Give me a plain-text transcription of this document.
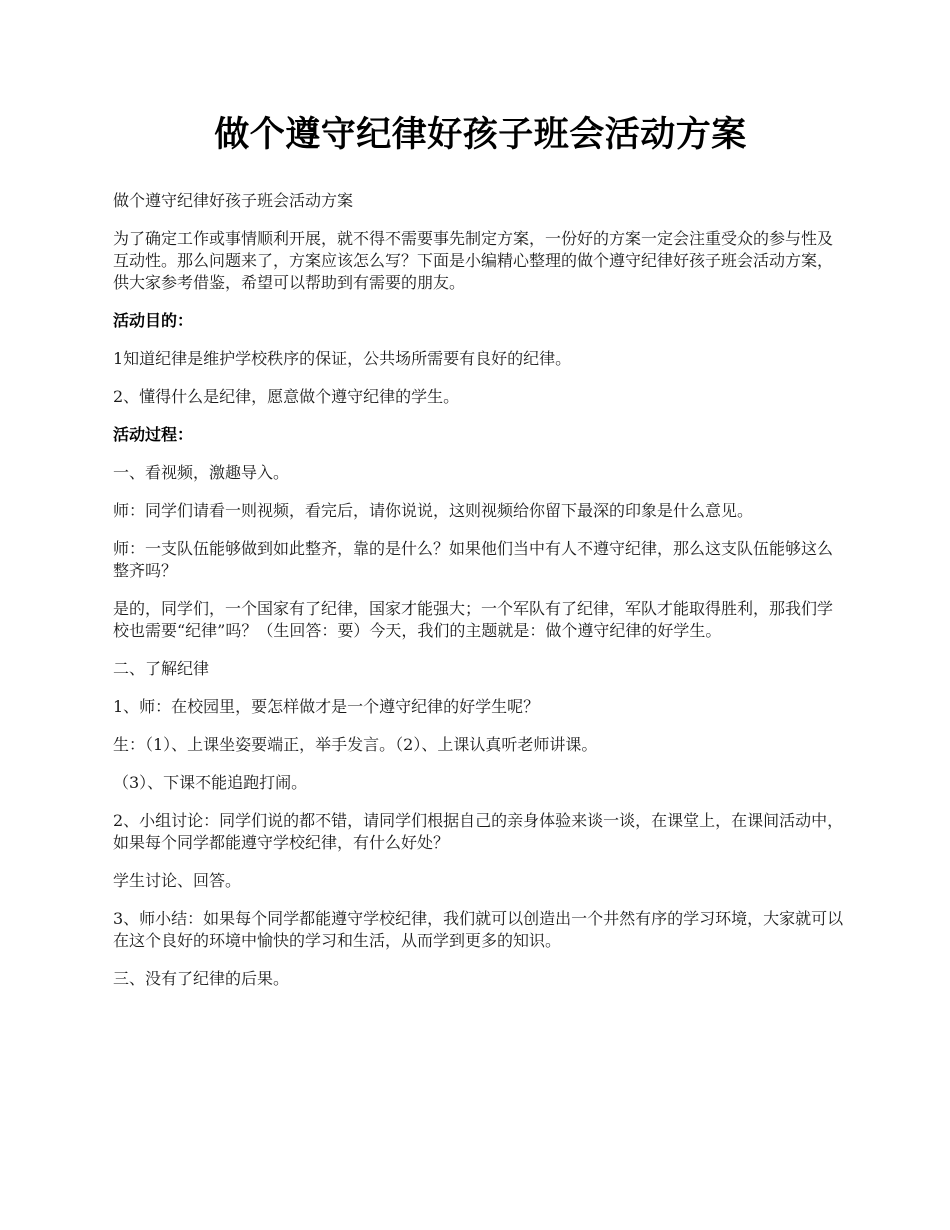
做个遵守纪律好孩子班会活动方案

做个遵守纪律好孩子班会活动方案

为了确定工作或事情顺利开展，就不得不需要事先制定方案，一份好的方案一定会注重受众的参与性及互动性。那么问题来了，方案应该怎么写？下面是小编精心整理的做个遵守纪律好孩子班会活动方案，供大家参考借鉴，希望可以帮助到有需要的朋友。

活动目的：

1知道纪律是维护学校秩序的保证，公共场所需要有良好的纪律。

2、懂得什么是纪律，愿意做个遵守纪律的学生。

活动过程：

一、看视频，激趣导入。

师：同学们请看一则视频，看完后，请你说说，这则视频给你留下最深的印象是什么意见。

师：一支队伍能够做到如此整齐，靠的是什么？如果他们当中有人不遵守纪律，那么这支队伍能够这么整齐吗？

是的，同学们，一个国家有了纪律，国家才能强大；一个军队有了纪律，军队才能取得胜利，那我们学校也需要“纪律”吗？（生回答：要）今天，我们的主题就是：做个遵守纪律的好学生。

二、了解纪律

1、师：在校园里，要怎样做才是一个遵守纪律的好学生呢？

生：（1）、上课坐姿要端正，举手发言。（2）、上课认真听老师讲课。

（3）、下课不能追跑打闹。

2、小组讨论：同学们说的都不错，请同学们根据自己的亲身体验来谈一谈，在课堂上，在课间活动中，如果每个同学都能遵守学校纪律，有什么好处？

学生讨论、回答。

3、师小结：如果每个同学都能遵守学校纪律，我们就可以创造出一个井然有序的学习环境，大家就可以在这个良好的环境中愉快的学习和生活，从而学到更多的知识。

三、没有了纪律的后果。
